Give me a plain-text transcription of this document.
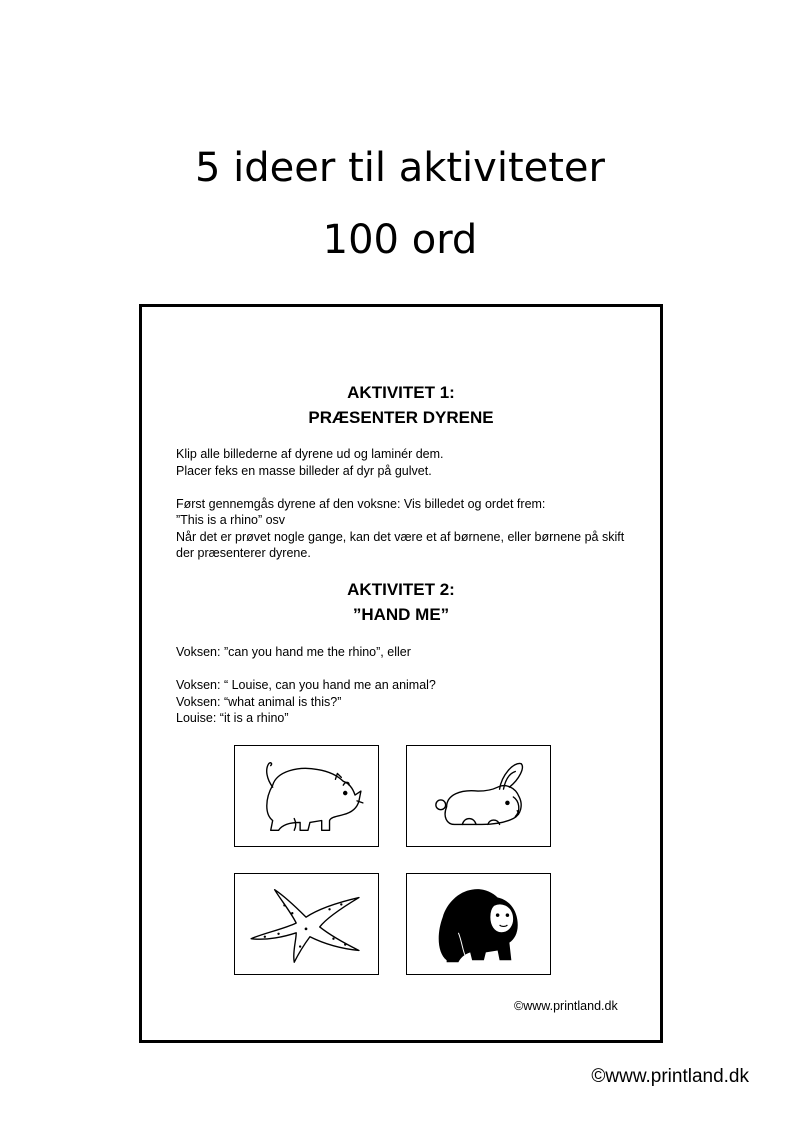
5 ideer til aktiviteter
100 ord
AKTIVITET 1:
PRÆSENTER DYRENE
Klip alle billederne af dyrene ud og laminér dem.
Placer feks en masse billeder af dyr på gulvet.
Først gennemgås dyrene af den voksne: Vis billedet og ordet frem:
”This is a rhino” osv
Når det er prøvet nogle gange, kan det være et af børnene, eller børnene på skift
der præsenterer dyrene.
AKTIVITET 2:
”HAND ME”
Voksen: ”can you hand me the rhino”, eller
Voksen: “ Louise, can you hand me an animal?
Voksen: “what animal is this?”
Louise: “it is a rhino”
©www.printland.dk
©www.printland.dk
